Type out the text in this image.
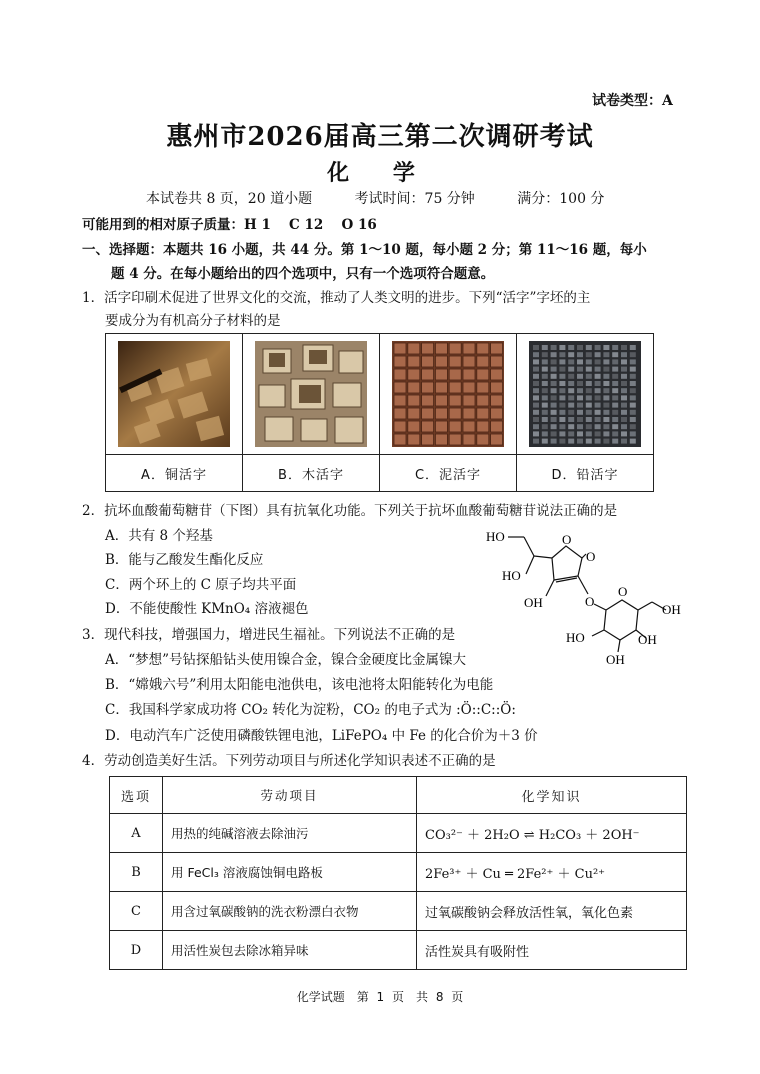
试卷类型：A
惠州市2026届高三第二次调研考试
化 学
本试卷共 8 页，20 道小题	考试时间：75 分钟	满分：100 分
可能用到的相对原子质量：H 1　 C 12　 O 16
一、选择题：本题共 16 小题，共 44 分。第 1～10 题，每小题 2 分；第 11～16 题，每小
题 4 分。在每小题给出的四个选项中，只有一个选项符合题意。
1．活字印刷术促进了世界文化的交流，推动了人类文明的进步。下列“活字”字坯的主
要成分为有机高分子材料的是

A．铜活字	B．木活字	C．泥活字	D．铅活字
2．抗坏血酸葡萄糖苷（下图）具有抗氧化功能。下列关于抗坏血酸葡萄糖苷说法正确的是
A．共有 8 个羟基
B．能与乙酸发生酯化反应
C．两个环上的 C 原子均共平面
D．不能使酸性 KMnO₄ 溶液褪色
HO
HO
O
O
OH	O
O
OH
HO	OH
OH
3．现代科技，增强国力，增进民生福祉。下列说法不正确的是
A．“梦想”号钻探船钻头使用镍合金，镍合金硬度比金属镍大
B．“嫦娥六号”利用太阳能电池供电，该电池将太阳能转化为电能
C．我国科学家成功将 CO₂ 转化为淀粉，CO₂ 的电子式为 :Ö::C::Ö:
D．电动汽车广泛使用磷酸铁锂电池，LiFePO₄ 中 Fe 的化合价为＋3 价
4．劳动创造美好生活。下列劳动项目与所述化学知识表述不正确的是
选项	劳动项目	化学知识
A	用热的纯碱溶液去除油污	CO₃²⁻ ＋ 2H₂O ⇌ H₂CO₃ ＋ 2OH⁻
B	用 FeCl₃ 溶液腐蚀铜电路板	2Fe³⁺ ＋ Cu ═ 2Fe²⁺ ＋ Cu²⁺
C	用含过氧碳酸钠的洗衣粉漂白衣物	过氧碳酸钠会释放活性氧，氧化色素
D	用活性炭包去除冰箱异味	活性炭具有吸附性
化学试题　第 1 页　共 8 页
